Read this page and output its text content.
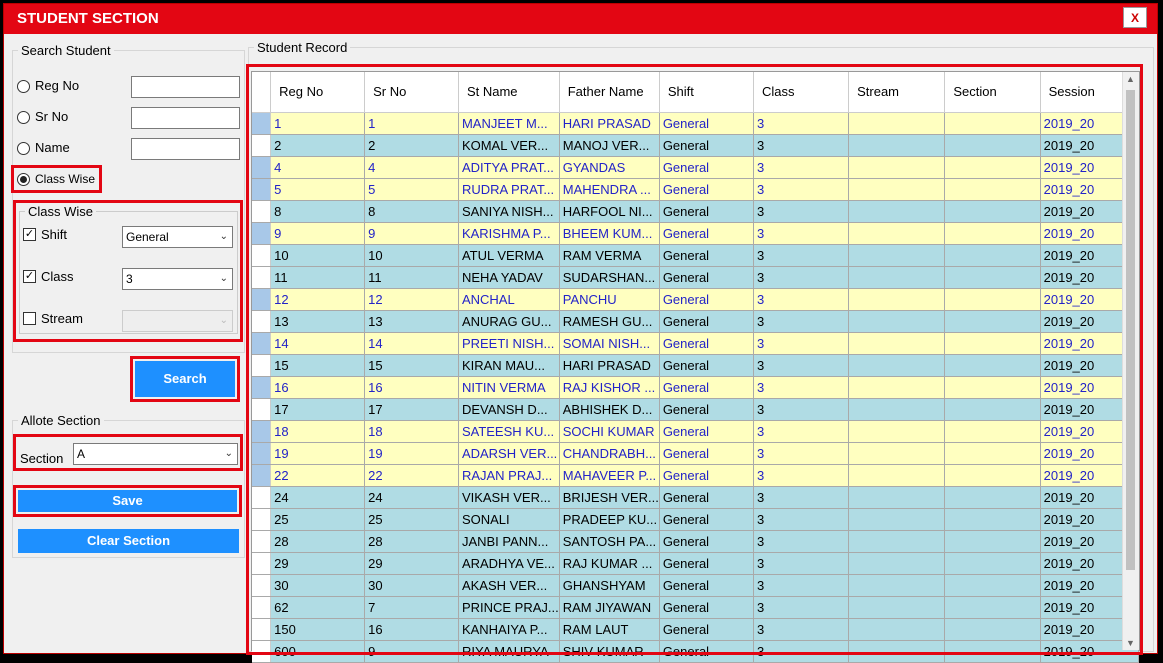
STUDENT SECTION	X
Search Student
Reg No
Sr No
Name
Class Wise
Class Wise
✓ Shift	General	⌄
✓ Class	3	⌄
Stream	⌄
Search
Allote Section
Section	A	⌄
Save
Clear Section
Student Record
	Reg No	Sr No	St Name	Father Name	Shift	Class	Stream	Section	Session
	1	1	MANJEET M...	HARI PRASAD	General	3			2019_20
	2	2	KOMAL VER...	MANOJ VER...	General	3			2019_20
	4	4	ADITYA PRAT...	GYANDAS	General	3			2019_20
	5	5	RUDRA PRAT...	MAHENDRA ...	General	3			2019_20
	8	8	SANIYA NISH...	HARFOOL NI...	General	3			2019_20
	9	9	KARISHMA P...	BHEEM KUM...	General	3			2019_20
	10	10	ATUL VERMA	RAM VERMA	General	3			2019_20
	11	11	NEHA YADAV	SUDARSHAN...	General	3			2019_20
	12	12	ANCHAL	PANCHU	General	3			2019_20
	13	13	ANURAG GU...	RAMESH GU...	General	3			2019_20
	14	14	PREETI NISH...	SOMAI NISH...	General	3			2019_20
	15	15	KIRAN MAU...	HARI PRASAD	General	3			2019_20
	16	16	NITIN VERMA	RAJ KISHOR ...	General	3			2019_20
	17	17	DEVANSH D...	ABHISHEK D...	General	3			2019_20
	18	18	SATEESH KU...	SOCHI KUMAR	General	3			2019_20
	19	19	ADARSH VER...	CHANDRABH...	General	3			2019_20
	22	22	RAJAN PRAJ...	MAHAVEER P...	General	3			2019_20
	24	24	VIKASH VER...	BRIJESH VER...	General	3			2019_20
	25	25	SONALI	PRADEEP KU...	General	3			2019_20
	28	28	JANBI PANN...	SANTOSH PA...	General	3			2019_20
	29	29	ARADHYA VE...	RAJ KUMAR ...	General	3			2019_20
	30	30	AKASH VER...	GHANSHYAM	General	3			2019_20
	62	7	PRINCE PRAJ...	RAM JIYAWAN	General	3			2019_20
	150	16	KANHAIYA P...	RAM LAUT	General	3			2019_20
	600	9	RIYA MAURYA	SHIV KUMAR	General	3			2019_20
▲
▼
